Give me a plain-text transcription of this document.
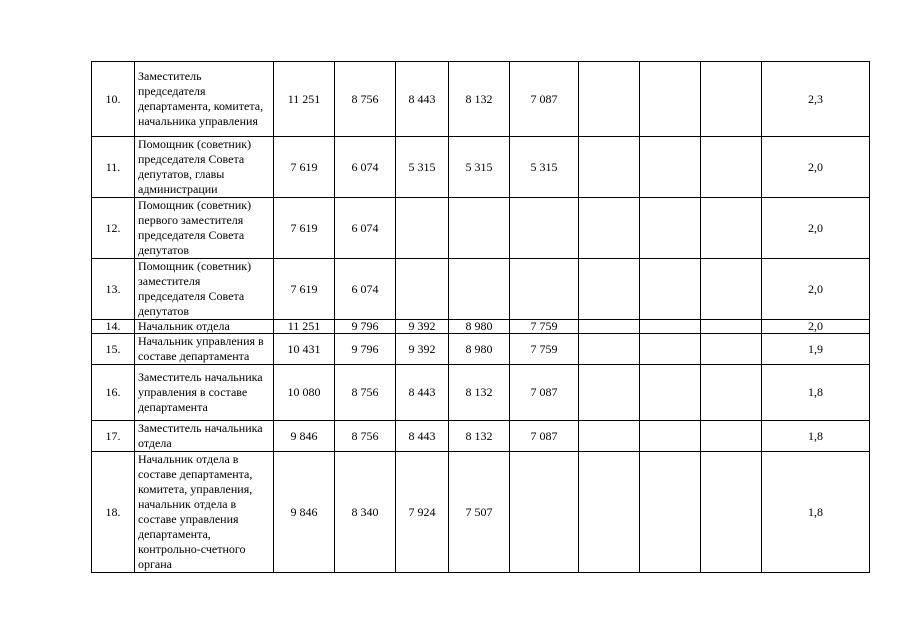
10.	Заместитель председателя департамента, комитета, начальника управления	11 251	8 756	8 443	8 132	7 087				2,3
11.	Помощник (советник) председателя Совета депутатов, главы администрации	7 619	6 074	5 315	5 315	5 315				2,0
12.	Помощник (советник) первого заместителя председателя Совета депутатов	7 619	6 074							2,0
13.	Помощник (советник) заместителя председателя Совета депутатов	7 619	6 074							2,0
14.	Начальник отдела	11 251	9 796	9 392	8 980	7 759				2,0
15.	Начальник управления в составе департамента	10 431	9 796	9 392	8 980	7 759				1,9
16.	Заместитель начальника управления в составе департамента	10 080	8 756	8 443	8 132	7 087				1,8
17.	Заместитель начальника отдела	9 846	8 756	8 443	8 132	7 087				1,8
18.	Начальник отдела в составе департамента, комитета, управления, начальник отдела в составе управления департамента, контрольно-счетного органа	9 846	8 340	7 924	7 507					1,8
